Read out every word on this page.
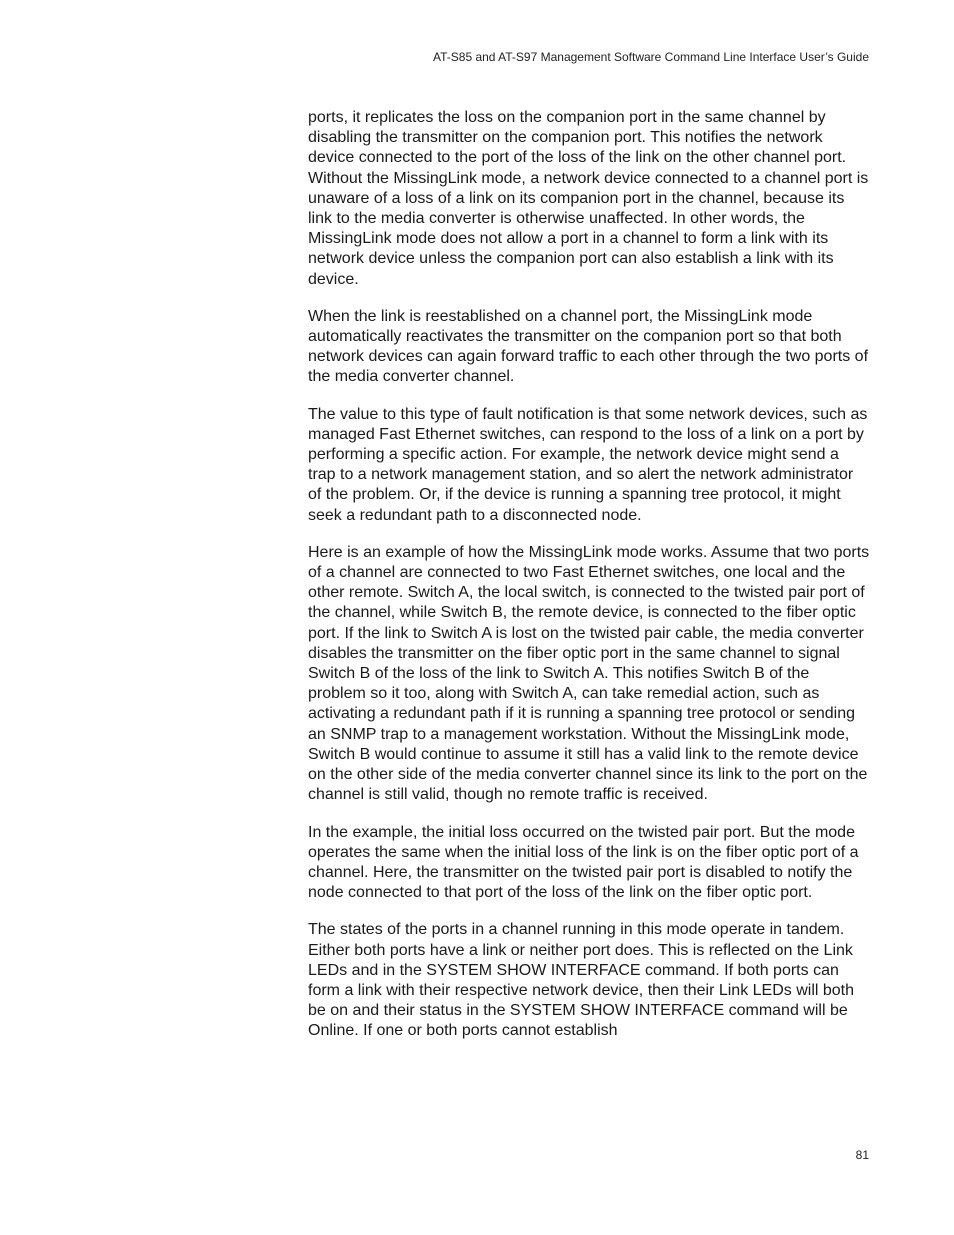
AT-S85 and AT-S97 Management Software Command Line Interface User’s Guide

ports, it replicates the loss on the companion port in the same channel by disabling the transmitter on the companion port. This notifies the network device connected to the port of the loss of the link on the other channel port. Without the MissingLink mode, a network device connected to a channel port is unaware of a loss of a link on its companion port in the channel, because its link to the media converter is otherwise unaffected. In other words, the MissingLink mode does not allow a port in a channel to form a link with its network device unless the companion port can also establish a link with its device.

When the link is reestablished on a channel port, the MissingLink mode automatically reactivates the transmitter on the companion port so that both network devices can again forward traffic to each other through the two ports of the media converter channel.

The value to this type of fault notification is that some network devices, such as managed Fast Ethernet switches, can respond to the loss of a link on a port by performing a specific action. For example, the network device might send a trap to a network management station, and so alert the network administrator of the problem. Or, if the device is running a spanning tree protocol, it might seek a redundant path to a disconnected node.

Here is an example of how the MissingLink mode works. Assume that two ports of a channel are connected to two Fast Ethernet switches, one local and the other remote. Switch A, the local switch, is connected to the twisted pair port of the channel, while Switch B, the remote device, is connected to the fiber optic port. If the link to Switch A is lost on the twisted pair cable, the media converter disables the transmitter on the fiber optic port in the same channel to signal Switch B of the loss of the link to Switch A. This notifies Switch B of the problem so it too, along with Switch A, can take remedial action, such as activating a redundant path if it is running a spanning tree protocol or sending an SNMP trap to a management workstation. Without the MissingLink mode, Switch B would continue to assume it still has a valid link to the remote device on the other side of the media converter channel since its link to the port on the channel is still valid, though no remote traffic is received.

In the example, the initial loss occurred on the twisted pair port. But the mode operates the same when the initial loss of the link is on the fiber optic port of a channel. Here, the transmitter on the twisted pair port is disabled to notify the node connected to that port of the loss of the link on the fiber optic port.

The states of the ports in a channel running in this mode operate in tandem. Either both ports have a link or neither port does. This is reflected on the Link LEDs and in the SYSTEM SHOW INTERFACE command. If both ports can form a link with their respective network device, then their Link LEDs will both be on and their status in the SYSTEM SHOW INTERFACE command will be Online. If one or both ports cannot establish

81
